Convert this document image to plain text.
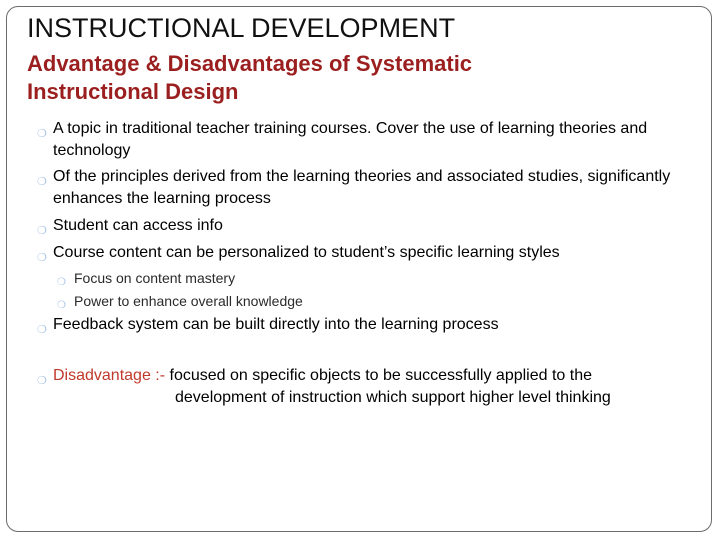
INSTRUCTIONAL DEVELOPMENT
Advantage & Disadvantages of Systematic Instructional Design
❍ A topic in traditional teacher training courses. Cover the use of learning theories and technology
❍ Of the principles derived from the learning theories and associated studies, significantly enhances the learning process
❍ Student can access info
❍ Course content can be personalized to student’s specific learning styles
❍ Focus on content mastery
❍ Power to enhance overall knowledge
❍ Feedback system can be built directly into the learning process
❍ Disadvantage :- focused on specific objects to be successfully applied to the
development of instruction which support higher level thinking
